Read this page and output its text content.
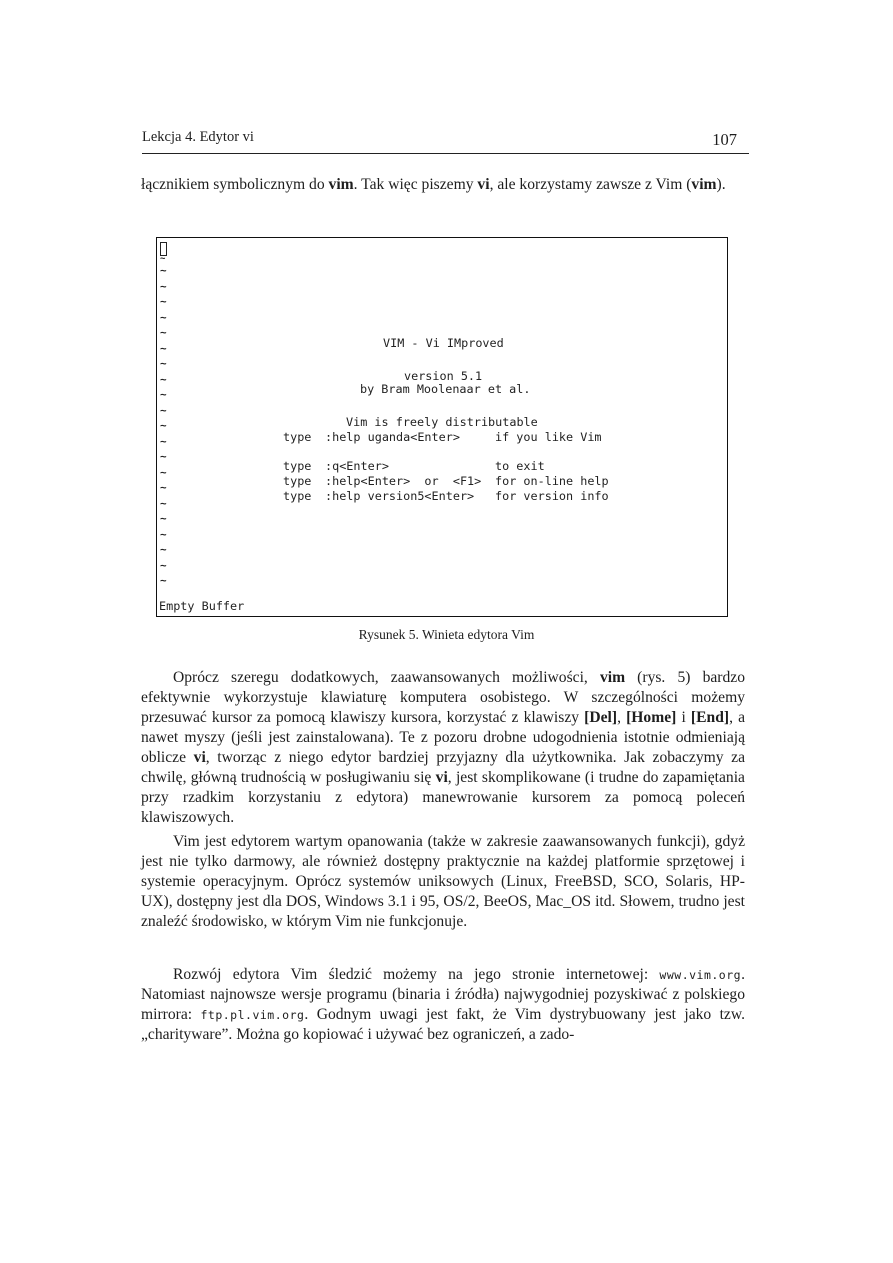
Lekcja 4. Edytor vi	107

łącznikiem symbolicznym do vim. Tak więc piszemy vi, ale korzystamy zawsze z Vim (vim).

~
~
~
~
~
~
~
~
~
~
~
~
~
~
~
~
~
~
~
~
~
~
VIM - Vi IMproved
version 5.1
by Bram Moolenaar et al.
Vim is freely distributable
type :help uganda<Enter>	if you like Vim
type :q<Enter>	to exit
type :help<Enter>  or  <F1> for on-line help
type :help version5<Enter> for version info
Empty Buffer
Rysunek 5. Winieta edytora Vim

Oprócz szeregu dodatkowych, zaawansowanych możliwości, vim (rys. 5) bardzo efektywnie wykorzystuje klawiaturę komputera osobistego. W szczególności możemy przesuwać kursor za pomocą klawiszy kursora, korzystać z klawiszy [Del], [Home] i [End], a nawet myszy (jeśli jest zainstalowana). Te z pozoru drobne udogodnienia istotnie odmieniają oblicze vi, tworząc z niego edytor bardziej przyjazny dla użytkownika. Jak zobaczymy za chwilę, główną trudnością w posługiwaniu się vi, jest skomplikowane (i trudne do zapamiętania przy rzadkim korzystaniu z edytora) manewrowanie kursorem za pomocą poleceń klawiszowych.

Vim jest edytorem wartym opanowania (także w zakresie zaawansowanych funkcji), gdyż jest nie tylko darmowy, ale również dostępny praktycznie na każdej platformie sprzętowej i systemie operacyjnym. Oprócz systemów uniksowych (Linux, FreeBSD, SCO, Solaris, HP-UX), dostępny jest dla DOS, Windows 3.1 i 95, OS/2, BeeOS, Mac_OS itd. Słowem, trudno jest znaleźć środowisko, w którym Vim nie funkcjonuje.

Rozwój edytora Vim śledzić możemy na jego stronie internetowej: www.vim.org. Natomiast najnowsze wersje programu (binaria i źródła) najwygodniej pozyskiwać z polskiego mirrora: ftp.pl.vim.org. Godnym uwagi jest fakt, że Vim dystrybuowany jest jako tzw. „charityware”. Można go kopiować i używać bez ograniczeń, a zado-
